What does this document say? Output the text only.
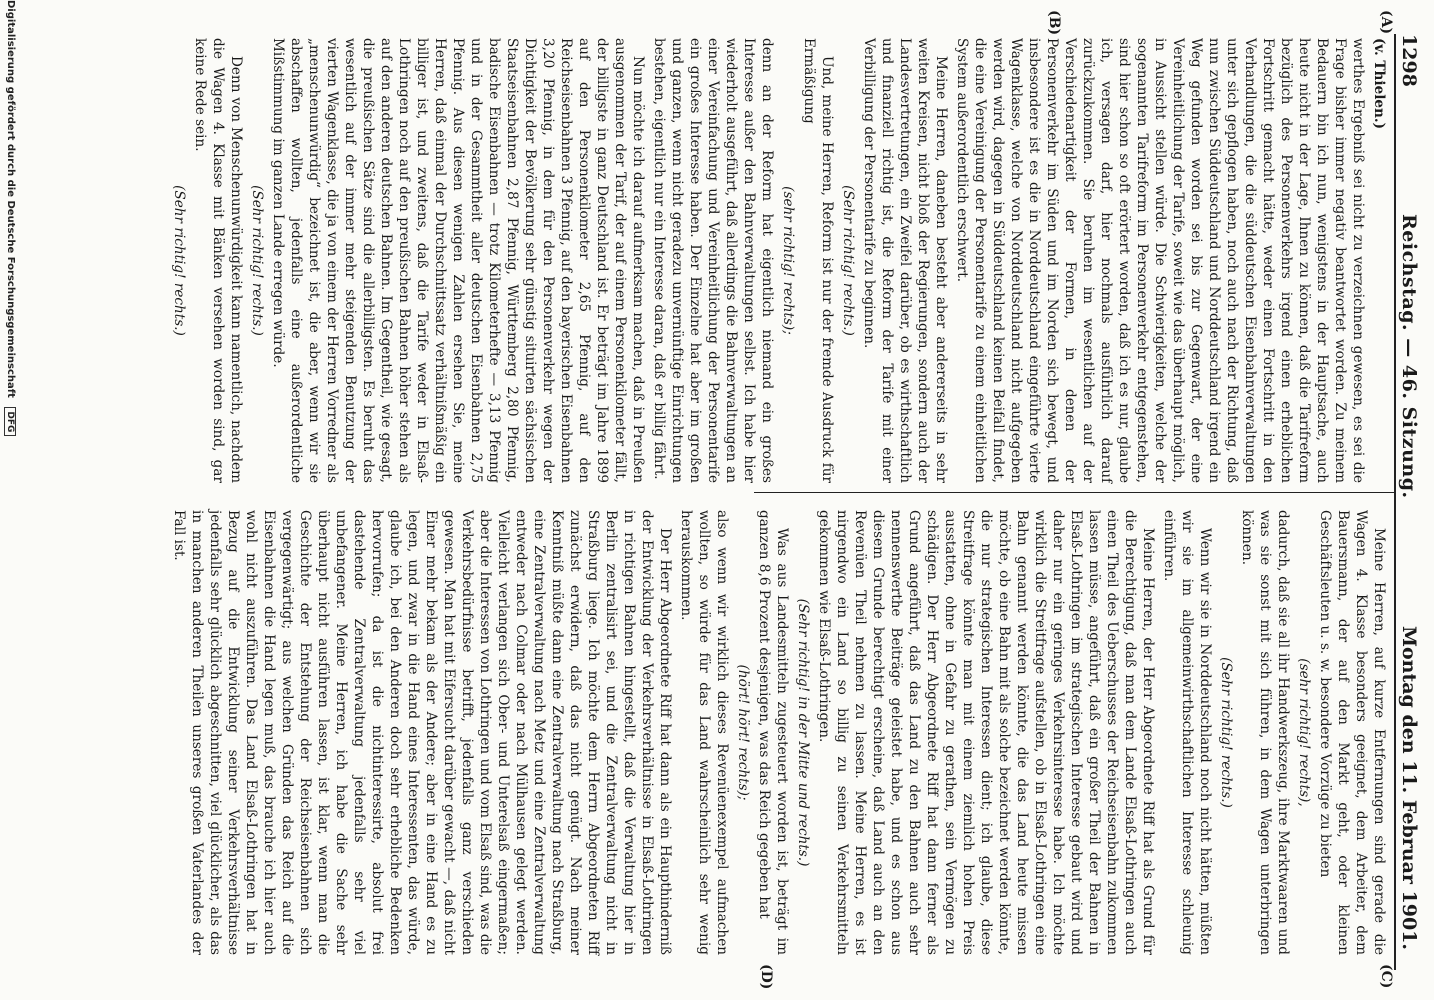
1298
Reichstag. — 46. Sitzung.
Montag den 11. Februar 1901.
(A)
(B)
(C)
(D)

(v. Thielen.)

werthes Ergebniß sei nicht zu verzeichnen gewesen, es sei die Frage bisher immer negativ beantwortet worden. Zu meinem Bedauern bin ich nun, wenigstens in der Hauptsache, auch heute nicht in der Lage, Ihnen zu können, daß die Tarifreform bezüglich des Personenverkehrs irgend einen erheblichen Fortschritt gemacht hätte, weder einen Fortschritt in den Verhandlungen, die die süddeutschen Eisenbahnverwaltungen unter sich gepflogen haben, noch auch nach der Richtung, daß nun zwischen Süddeutschland und Norddeutschland irgend ein Weg gefunden worden sei bis zur Gegenwart, der eine Vereinheitlichung der Tarife, soweit wie das überhaupt möglich, in Aussicht stellen würde. Die Schwierigkeiten, welche der sogenannten Tarifreform im Personenverkehr entgegenstehen, sind hier schon so oft erörtert worden, daß ich es nur, glaube ich, versagen darf, hier nochmals ausführlich darauf zurückzukommen. Sie beruhen im wesentlichen auf der Verschiedenartigkeit der Formen, in denen der Personenverkehr im Süden und im Norden sich bewegt, und insbesondere ist es die in Norddeutschland eingeführte vierte Wagenklasse, welche von Norddeutschland nicht aufgegeben werden wird, dagegen in Süddeutschland keinen Beifall findet, die eine Vereinigung der Personentarife zu einem einheitlichen System außerordentlich erschwert.

Meine Herren, daneben besteht aber andererseits in sehr weiten Kreisen, nicht bloß der Regierungen, sondern auch der Landesvertretungen, ein Zweifel darüber, ob es wirthschaftlich und finanziell richtig ist, die Reform der Tarife mit einer Verbilligung der Personentarife zu beginnen.

(Sehr richtig! rechts.)

Und, meine Herren, Reform ist nur der fremde Ausdruck für Ermäßigung

(sehr richtig! rechts);

denn an der Reform hat eigentlich niemand ein großes Interesse außer den Bahnverwaltungen selbst. Ich habe hier wiederholt ausgeführt, daß allerdings die Bahnverwaltungen an einer Vereinfachung und Vereinheitlichung der Personentarife ein großes Interesse haben. Der Einzelne hat aber im großen und ganzen, wenn nicht geradezu unvernünftige Einrichtungen bestehen, eigentlich nur ein Interesse daran, daß er billig fährt.

Nun möchte ich darauf aufmerksam machen, daß in Preußen ausgenommen der Tarif, der auf einem Personenkilometer fällt, der billigste in ganz Deutschland ist. Er beträgt im Jahre 1899 auf den Personenkilometer 2,65 Pfennig, auf den Reichseisenbahnen 3 Pfennig, auf den bayerischen Eisenbahnen 3,20 Pfennig, in dem für den Personenverkehr wegen der Dichtigkeit der Bevölkerung sehr günstig situirten sächsischen Staatseisenbahnen 2,87 Pfennig, Württemberg 2,80 Pfennig, badische Eisenbahnen — trotz Kilometerhefte — 3,13 Pfennig und in der Gesammtheit aller deutschen Eisenbahnen 2,75 Pfennig. Aus diesen wenigen Zahlen ersehen Sie, meine Herren, daß einmal der Durchschnittssatz verhältnißmäßig ein billiger ist, und zweitens, daß die Tarife weder in Elsaß-Lothringen noch auf den preußischen Bahnen höher stehen als auf den anderen deutschen Bahnen. Im Gegentheil, wie gesagt, die preußischen Sätze sind die allerbilligsten. Es beruht das wesentlich auf der immer mehr steigenden Benutzung der vierten Wagenklasse, die ja von einem der Herren Vorredner als „menschenunwürdig“ bezeichnet ist, die aber, wenn wir sie abschaffen wollten, jedenfalls eine außerordentliche Mißstimmung im ganzen Lande erregen würde.

(Sehr richtig! rechts.)

Denn von Menschenunwürdigkeit kann namentlich, nachdem die Wagen 4. Klasse mit Bänken versehen worden sind, gar keine Rede sein.

(Sehr richtig! rechts.)

Meine Herren, auf kurze Entfernungen sind gerade die Wagen 4. Klasse besonders geeignet, dem Arbeiter, dem Bauersmann, der auf den Markt geht, oder kleinen Geschäftsleuten u. s. w. besondere Vorzüge zu bieten

(sehr richtig! rechts),

dadurch, daß sie all ihr Handwerkszeug, ihre Marktwaaren und was sie sonst mit sich führen, in dem Wagen unterbringen können.

(Sehr richtig! rechts.)

Wenn wir sie in Norddeutschland noch nicht hätten, müßten wir sie im allgemeinwirthschaftlichen Interesse schleunig einführen.

Meine Herren, der Herr Abgeordnete Riff hat als Grund für die Berechtigung, daß man dem Lande Elsaß-Lothringen auch einen Theil des Ueberschusses der Reichseisenbahn zukommen lassen müsse, angeführt, daß ein großer Theil der Bahnen in Elsaß-Lothringen im strategischen Interesse gebaut wird und daher nur ein geringes Verkehrsinteresse habe. Ich möchte wirklich die Streitfrage aufstellen, ob in Elsaß-Lothringen eine Bahn genannt werden könnte, die das Land heute missen möchte, ob eine Bahn mit als solche bezeichnet werden könnte, die nur strategischen Interessen dient; ich glaube, diese Streitfrage könnte man mit einem ziemlich hohen Preis ausstatten, ohne in Gefahr zu gerathen, sein Vermögen zu schädigen. Der Herr Abgeordnete Riff hat dann ferner als Grund angeführt, daß das Land zu den Bahnen auch sehr nennenswerthe Beiträge geleistet habe, und es schon aus diesem Grunde berechtigt erscheine, daß Land auch an den Revenüen Theil nehmen zu lassen. Meine Herren, es ist nirgendwo ein Land so billig zu seinen Verkehrsmitteln gekommen wie Elsaß-Lothringen.

(Sehr richtig! in der Mitte und rechts.)

Was aus Landesmitteln zugesteuert worden ist, beträgt im ganzen 8,6 Prozent desjenigen, was das Reich gegeben hat

(hört! hört! rechts);

also wenn wir wirklich dieses Revenüenexempel aufmachen wollten, so würde für das Land wahrscheinlich sehr wenig herauskommen.

Der Herr Abgeordnete Riff hat dann als ein Haupthinderniß der Entwicklung der Verkehrsverhältnisse in Elsaß-Lothringen in richtigen Bahnen hingestellt, daß die Verwaltung hier in Berlin zentralisirt sei, und die Zentralverwaltung nicht in Straßburg liege. Ich möchte dem Herrn Abgeordneten Riff zunächst erwidern, daß das nicht genügt. Nach meiner Kenntniß müßte dann eine Zentralverwaltung nach Straßburg, eine Zentralverwaltung nach Metz und eine Zentralverwaltung entweder nach Colmar oder nach Mülhausen gelegt werden. Vielleicht verlangen sich Ober- und Unterelsaß eingermaßen; aber die Interessen von Lothringen und vom Elsaß sind, was die Verkehrsbedürfnisse betrifft, jedenfalls ganz verschieden gewesen. Man hat mit Eifersucht darüber gewacht —, daß nicht Einer mehr bekam als der Andere; aber in eine Hand es zu legen, und zwar in die Hand eines Interessenten, das würde, glaube ich, bei den Anderen doch sehr erhebliche Bedenken hervorrufen; da ist die nichtinteressirte, absolut frei dastehende Zentralverwaltung jedenfalls sehr viel unbefangener. Meine Herren, ich habe die Sache sehr überhaupt nicht ausführen lassen, ist klar, wenn man die Geschichte der Entstehung der Reichseisenbahnen sich vergegenwärtigt; aus welchen Gründen das Reich auf die Eisenbahnen die Hand legen muß, das brauche ich hier auch wohl nicht auszuführen. Das Land Elsaß-Lothringen hat in Bezug auf die Entwicklung seiner Verkehrsverhältnisse jedenfalls sehr glücklich abgeschnitten, viel glücklicher, als das in manchen anderen Theilen unseres großen Vaterlandes der Fall ist.

Digitalisierung gefördert durch die Deutsche Forschungsgemeinschaft DFG
